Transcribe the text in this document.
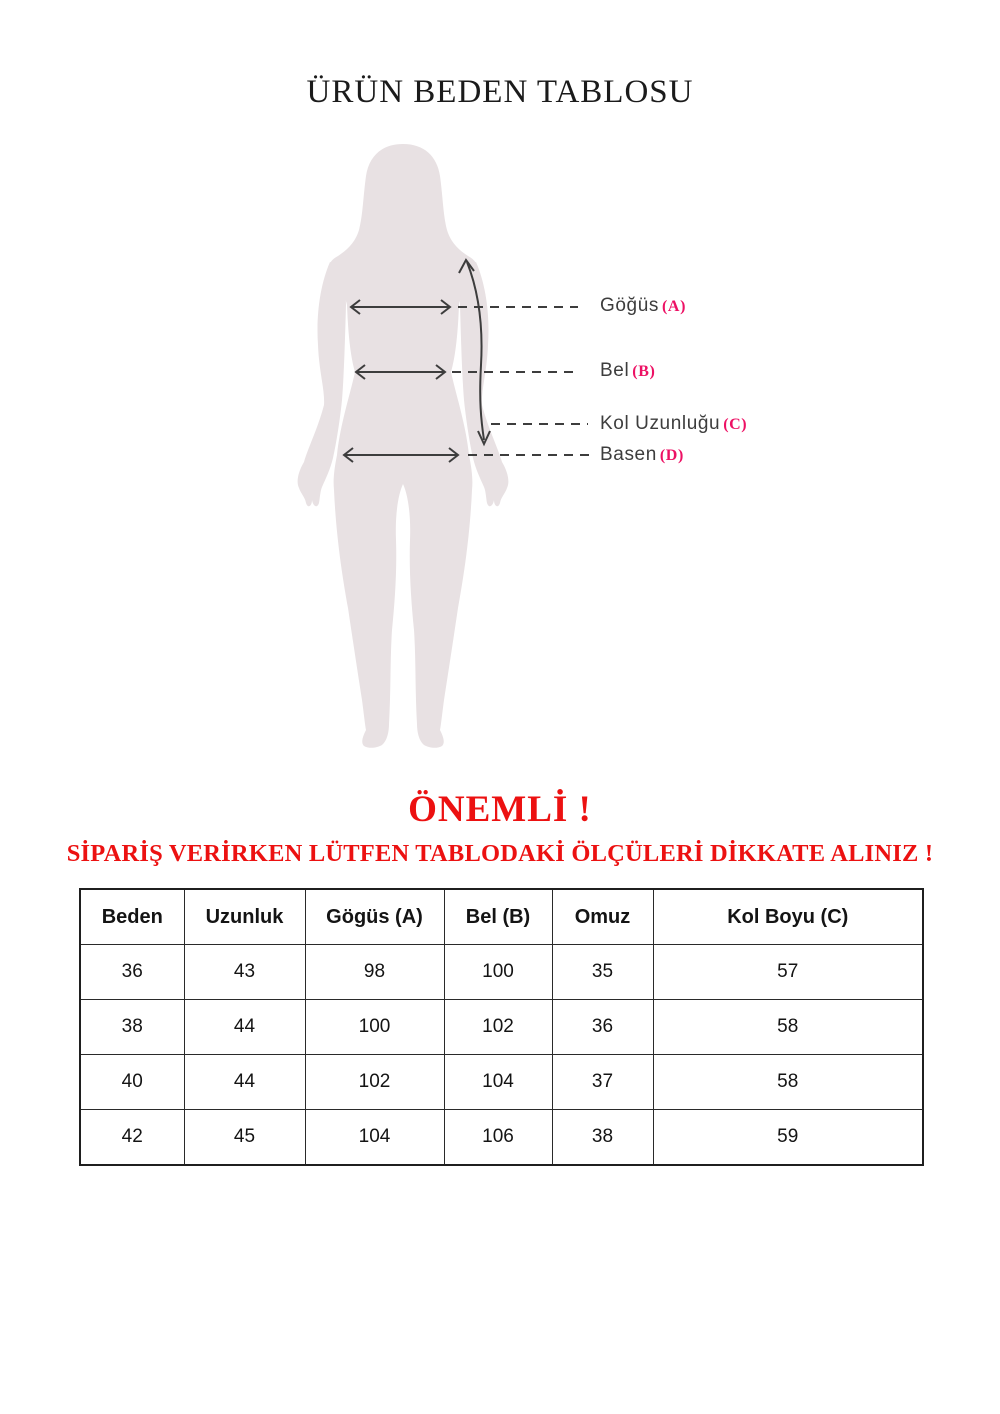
ÜRÜN BEDEN TABLOSU
Göğüs (A)
Bel (B)
Kol Uzunluğu (C)
Basen (D)
ÖNEMLİ !
SİPARİŞ VERİRKEN LÜTFEN TABLODAKİ ÖLÇÜLERİ DİKKATE ALINIZ !
Beden	Uzunluk	Gögüs (A)	Bel (B)	Omuz	Kol Boyu (C)
36	43	98	100	35	57
38	44	100	102	36	58
40	44	102	104	37	58
42	45	104	106	38	59
